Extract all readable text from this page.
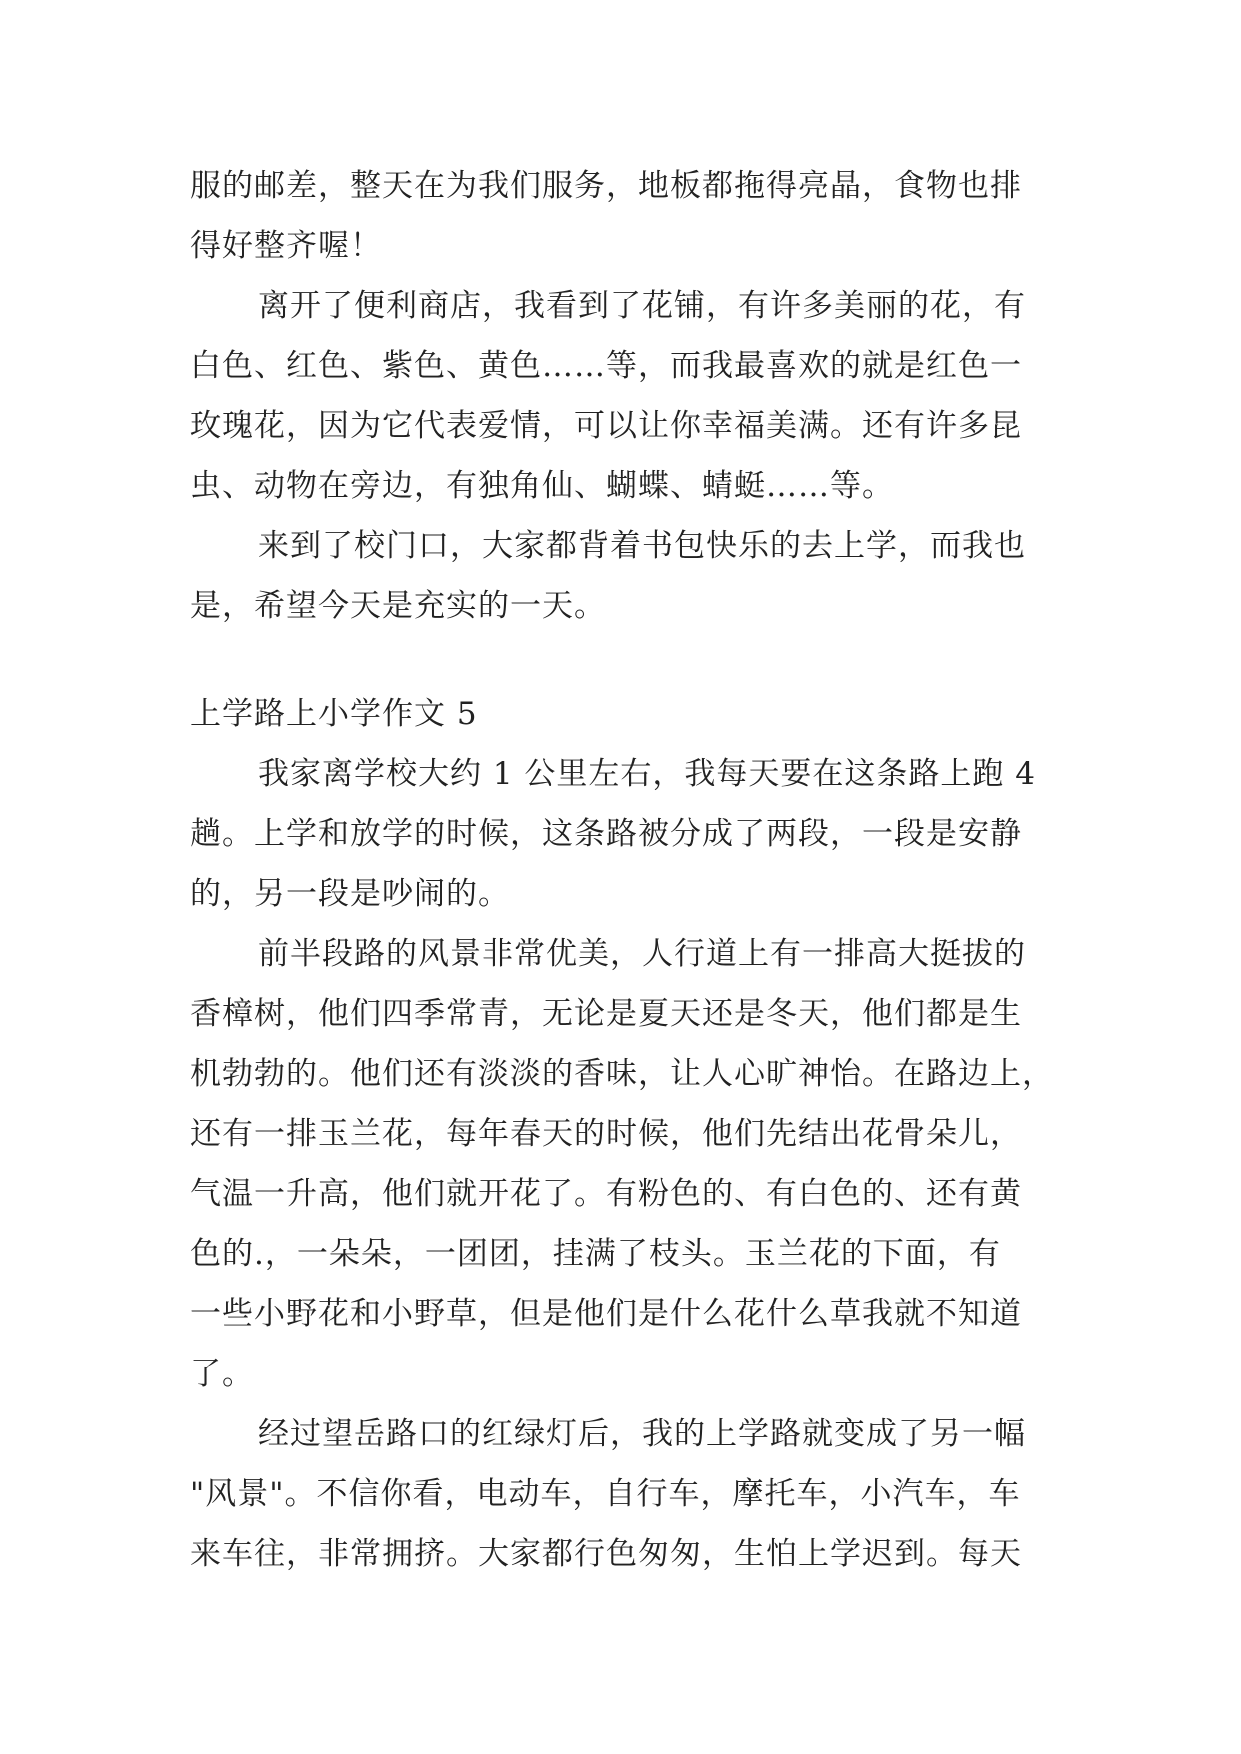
服的邮差，整天在为我们服务，地板都拖得亮晶，食物也排
得好整齐喔！
离开了便利商店，我看到了花铺，有许多美丽的花，有
白色、红色、紫色、黄色……等，而我最喜欢的就是红色一
玫瑰花，因为它代表爱情，可以让你幸福美满。还有许多昆
虫、动物在旁边，有独角仙、蝴蝶、蜻蜓……等。
来到了校门口，大家都背着书包快乐的去上学，而我也
是，希望今天是充实的一天。
上学路上小学作文 5
我家离学校大约 1 公里左右，我每天要在这条路上跑 4
趟。上学和放学的时候，这条路被分成了两段，一段是安静
的，另一段是吵闹的。
前半段路的风景非常优美，人行道上有一排高大挺拔的
香樟树，他们四季常青，无论是夏天还是冬天，他们都是生
机勃勃的。他们还有淡淡的香味，让人心旷神怡。在路边上，
还有一排玉兰花，每年春天的时候，他们先结出花骨朵儿，
气温一升高，他们就开花了。有粉色的、有白色的、还有黄
色的.，一朵朵，一团团，挂满了枝头。玉兰花的下面，有
一些小野花和小野草，但是他们是什么花什么草我就不知道
了。
经过望岳路口的红绿灯后，我的上学路就变成了另一幅
"风景"。不信你看，电动车，自行车，摩托车，小汽车，车
来车往，非常拥挤。大家都行色匆匆，生怕上学迟到。每天
